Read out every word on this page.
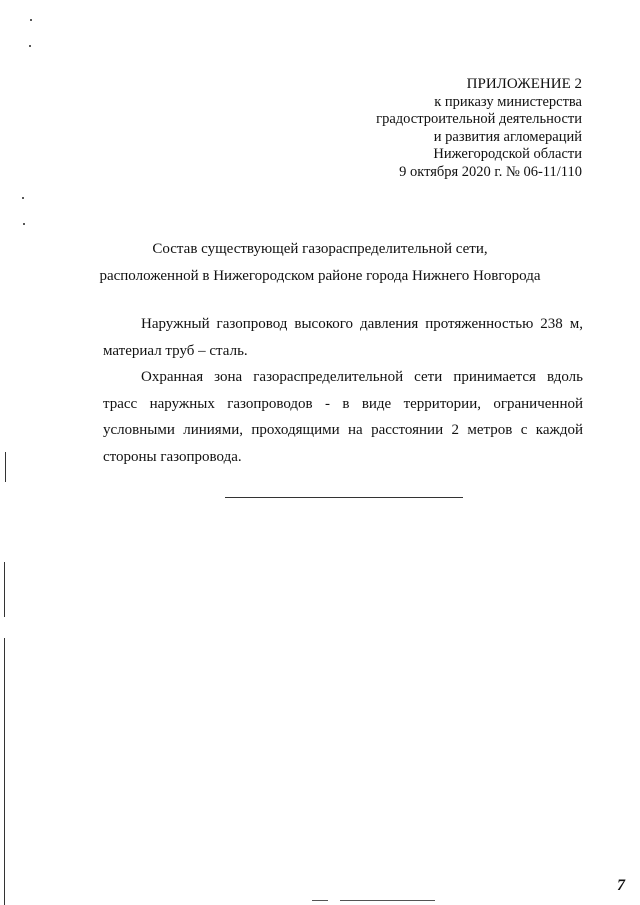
ПРИЛОЖЕНИЕ 2
к приказу министерства
градостроительной деятельности
и развития агломераций
Нижегородской области
9 октября 2020 г. № 06-11/110
Состав существующей газораспределительной сети,
расположенной в Нижегородском районе города Нижнего Новгорода

Наружный газопровод высокого давления протяженностью 238 м, материал труб – сталь.

Охранная зона газораспределительной сети принимается вдоль трасс наружных газопроводов - в виде территории, ограниченной условными линиями, проходящими на расстоянии 2 метров с каждой стороны газопровода.

7
